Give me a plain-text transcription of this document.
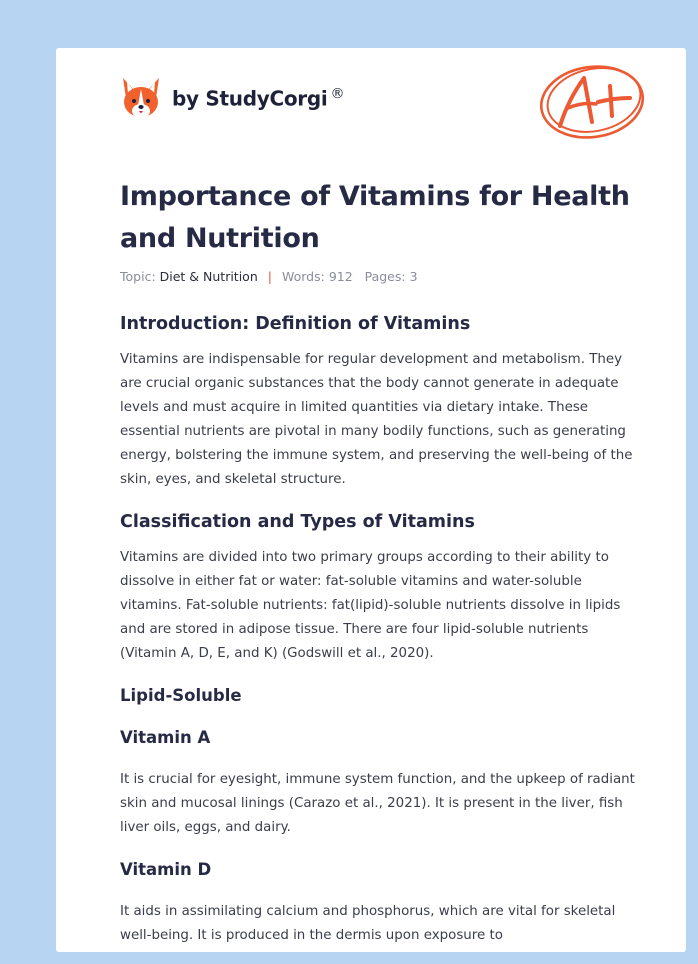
by StudyCorgi ®
Importance of Vitamins for Health and Nutrition
Topic: Diet & Nutrition | Words: 912 Pages: 3
Introduction: Definition of Vitamins

Vitamins are indispensable for regular development and metabolism. They are crucial organic substances that the body cannot generate in adequate levels and must acquire in limited quantities via dietary intake. These essential nutrients are pivotal in many bodily functions, such as generating energy, bolstering the immune system, and preserving the well-being of the skin, eyes, and skeletal structure.

Classification and Types of Vitamins

Vitamins are divided into two primary groups according to their ability to dissolve in either fat or water: fat-soluble vitamins and water-soluble vitamins. Fat-soluble nutrients: fat(lipid)-soluble nutrients dissolve in lipids and are stored in adipose tissue. There are four lipid-soluble nutrients (Vitamin A, D, E, and K) (Godswill et al., 2020).

Lipid-Soluble
Vitamin A

It is crucial for eyesight, immune system function, and the upkeep of radiant skin and mucosal linings (Carazo et al., 2021). It is present in the liver, fish liver oils, eggs, and dairy.

Vitamin D

It aids in assimilating calcium and phosphorus, which are vital for skeletal well-being. It is produced in the dermis upon exposure to
